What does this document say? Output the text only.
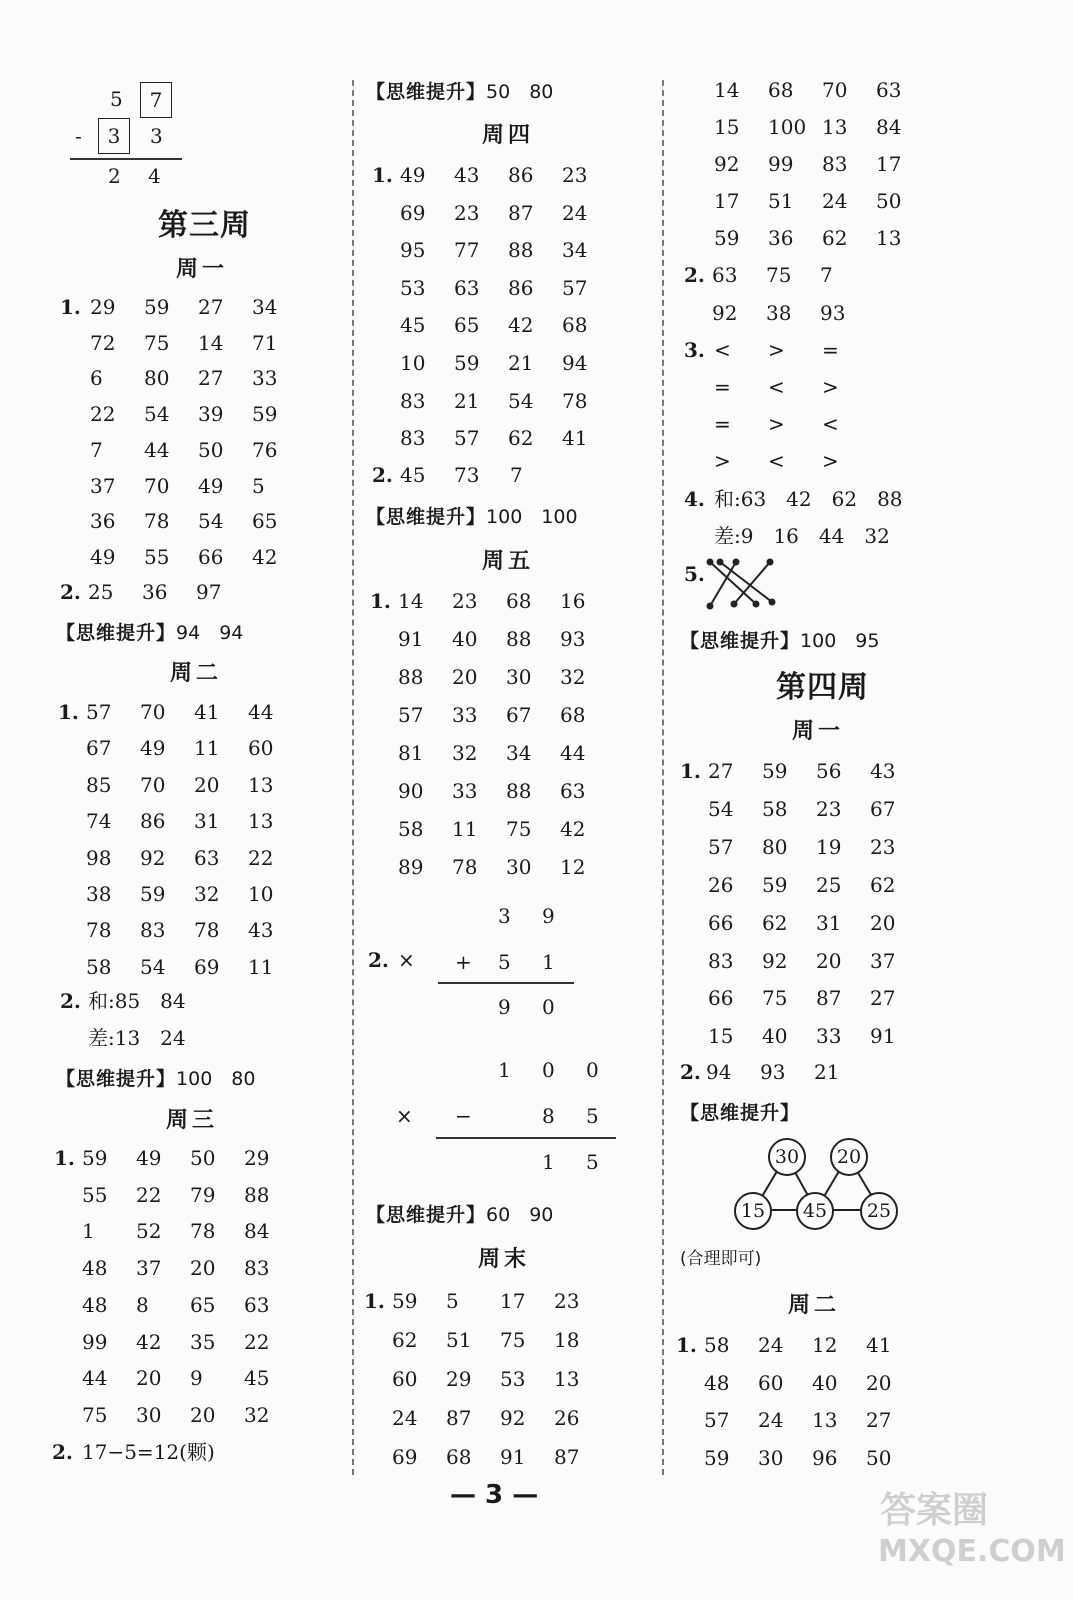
5	7
-	3	3
2 4
第三周
周一
29 59 27 34
72 75 14 71
6 80 27 33
22 54 39 59
7 44 50 76
37 70 49 5
36 78 54 65
49 55 66 42
1.
周二
57 70 41 44
67 49 11 60
85 70 20 13
74 86 31 13
98 92 63 22
38 59 32 10
78 83 78 43
58 54 69 11
1.
周三
59 49 50 29
55 22 79 88
1 52 78 84
48 37 20 83
48 8 65 63
99 42 35 22
44 20 9 45
75 30 20 32
1.
2. 25 36 97
【思维提升】94　94
2. 和:85　84
差:13　24
【思维提升】100　80
2. 17−5=12(颗)
【思维提升】50　80
周四
49 43 86 23
69 23 87 24
95 77 88 34
53 63 86 57
45 65 42 68
10 59 21 94
83 21 54 78
83 57 62 41
1.
2. 45 73 7
【思维提升】100　100
周五
14 23 68 16
91 40 88 93
88 20 30 32
57 33 67 68
81 32 34 44
90 33 88 63
58 11 75 42
89 78 30 12
1.
2. ×
3 9
+ 5 1
9 0
×
1 0 0
−	8 5
1 5
【思维提升】60　90
周末
59 5 17 23
62 51 75 18
60 29 53 13
24 87 92 26
69 68 91 87
1.
14 68 70 63
15 100 13 84
92 99 83 17
17 51 24 50
59 36 62 13
2. 63 75 7
92 38 93
3. < > =
= < >
= > <
> < >
4. 和:63　42　62　88
差:9　16　44　32
5.
【思维提升】100　95
第四周
周一
27 59 56 43
54 58 23 67
57 80 19 23
26 59 25 62
66 62 31 20
83 92 20 37
66 75 87 27
15 40 33 91
1.
2. 94 93 21
【思维提升】
30	20
15	45	25
(合理即可)
周二
58 24 12 41
48 60 40 20
57 24 13 27
59 30 96 50
1.
— 3 —	答案圈
MXQE.COM
